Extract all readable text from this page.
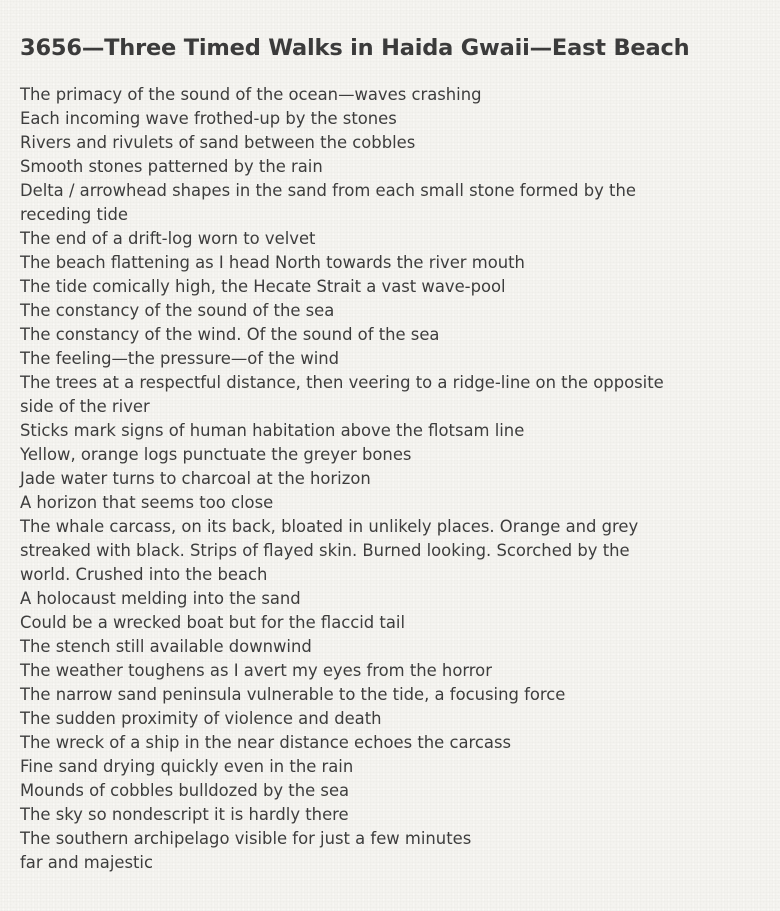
3656—Three Timed Walks in Haida Gwaii—East Beach

The primacy of the sound of the ocean—waves crashing

Each incoming wave frothed-up by the stones

Rivers and rivulets of sand between the cobbles

Smooth stones patterned by the rain

Delta / arrowhead shapes in the sand from each small stone formed by the receding tide

The end of a drift-log worn to velvet

The beach flattening as I head North towards the river mouth

The tide comically high, the Hecate Strait a vast wave-pool

The constancy of the sound of the sea

The constancy of the wind. Of the sound of the sea

The feeling—the pressure—of the wind

The trees at a respectful distance, then veering to a ridge-line on the opposite side of the river

Sticks mark signs of human habitation above the flotsam line

Yellow, orange logs punctuate the greyer bones

Jade water turns to charcoal at the horizon

A horizon that seems too close

The whale carcass, on its back, bloated in unlikely places. Orange and grey streaked with black. Strips of flayed skin. Burned looking. Scorched by the world. Crushed into the beach

A holocaust melding into the sand

Could be a wrecked boat but for the flaccid tail

The stench still available downwind

The weather toughens as I avert my eyes from the horror

The narrow sand peninsula vulnerable to the tide, a focusing force

The sudden proximity of violence and death

The wreck of a ship in the near distance echoes the carcass

Fine sand drying quickly even in the rain

Mounds of cobbles bulldozed by the sea

The sky so nondescript it is hardly there

The southern archipelago visible for just a few minutes

far and majestic
